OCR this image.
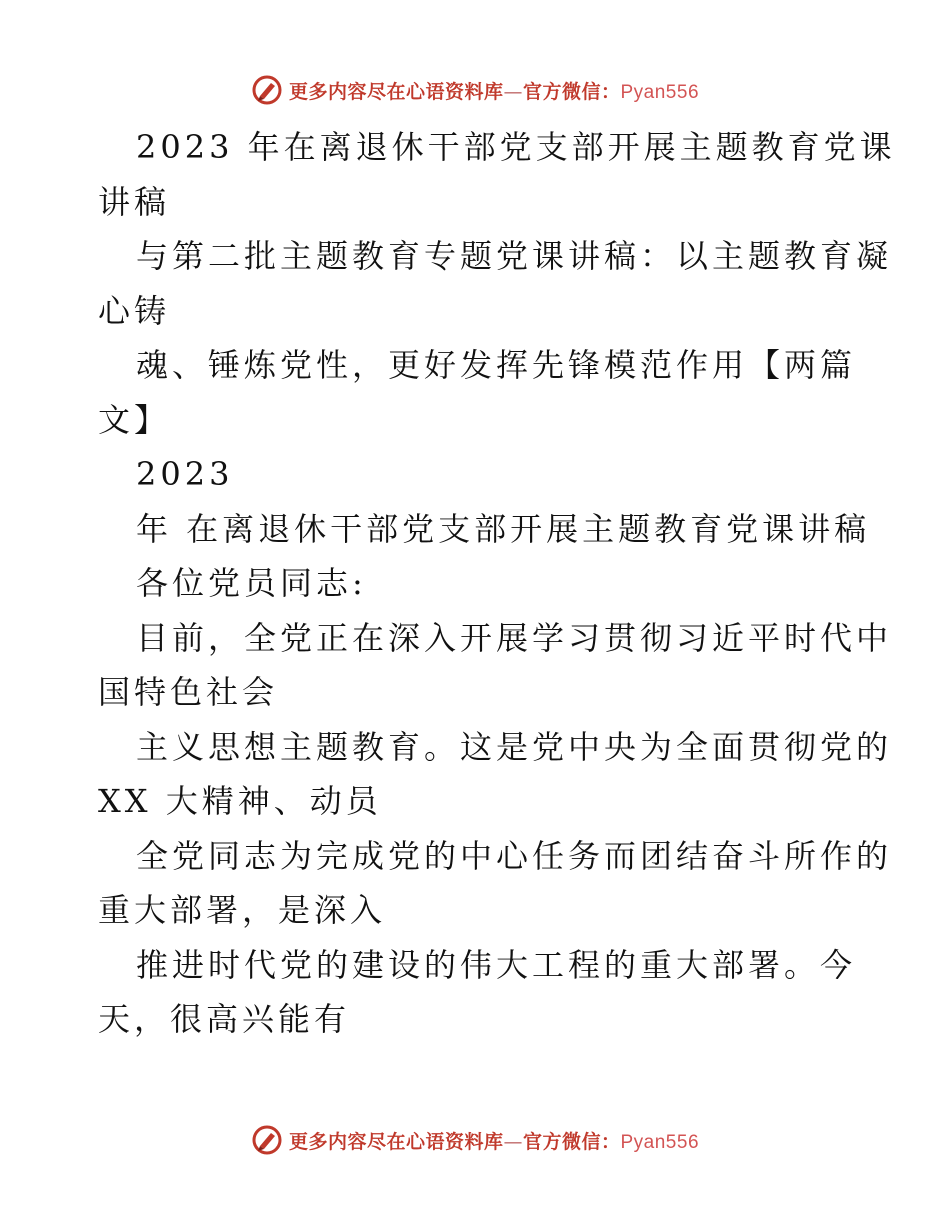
更多内容尽在心语资料库—官方微信：Pyan556
2023 年在离退休干部党支部开展主题教育党课
讲稿
与第二批主题教育专题党课讲稿：以主题教育凝
心铸
魂、锤炼党性，更好发挥先锋模范作用【两篇
文】
2023
年 在离退休干部党支部开展主题教育党课讲稿
各位党员同志:
目前，全党正在深入开展学习贯彻习近平时代中
国特色社会
主义思想主题教育。这是党中央为全面贯彻党的
XX 大精神、动员
全党同志为完成党的中心任务而团结奋斗所作的
重大部署，是深入
推进时代党的建设的伟大工程的重大部署。今
天，很高兴能有
更多内容尽在心语资料库—官方微信：Pyan556
